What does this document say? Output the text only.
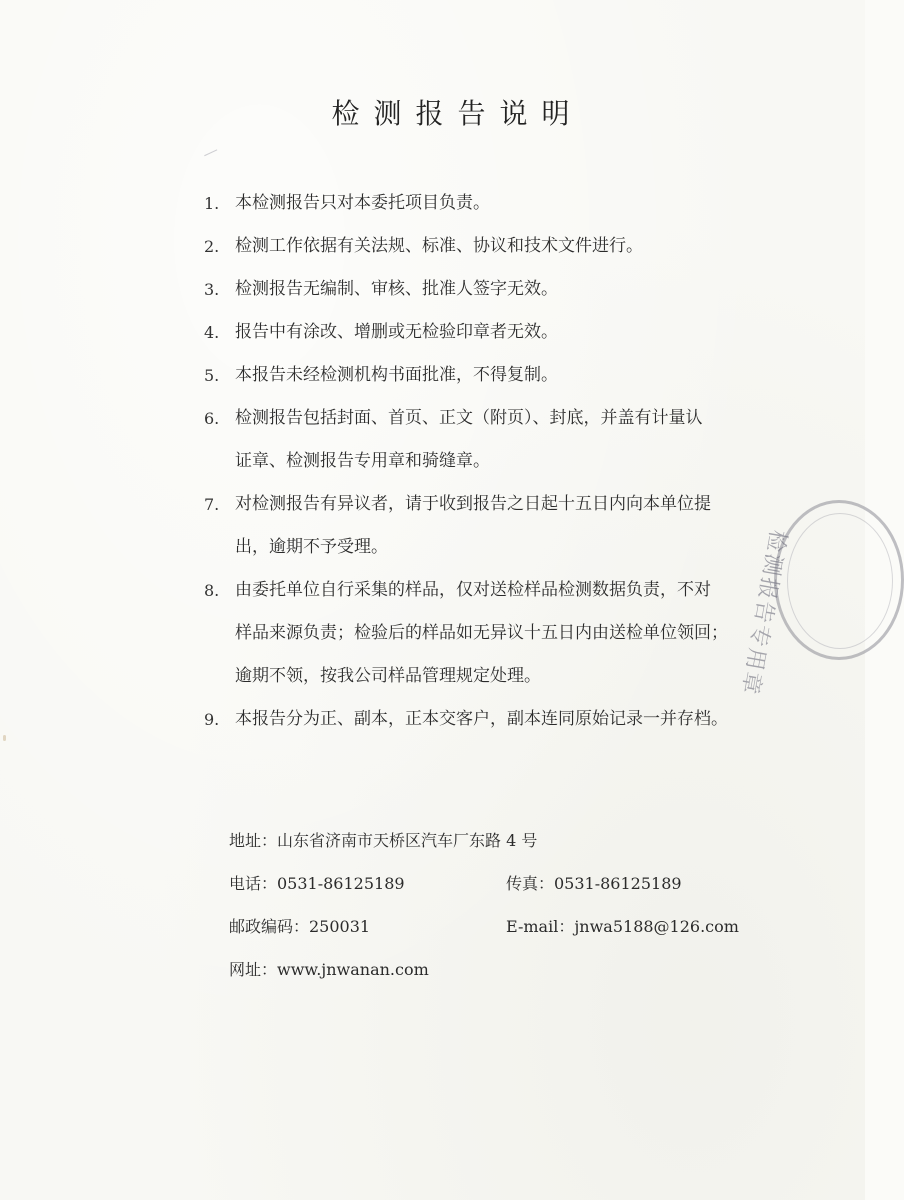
检测报告说明
1. 本检测报告只对本委托项目负责。
2. 检测工作依据有关法规、标准、协议和技术文件进行。
3. 检测报告无编制、审核、批准人签字无效。
4. 报告中有涂改、增删或无检验印章者无效。
5. 本报告未经检测机构书面批准，不得复制。
6. 检测报告包括封面、首页、正文（附页）、封底，并盖有计量认
证章、检测报告专用章和骑缝章。
7. 对检测报告有异议者，请于收到报告之日起十五日内向本单位提
出，逾期不予受理。
8. 由委托单位自行采集的样品，仅对送检样品检测数据负责，不对
样品来源负责；检验后的样品如无异议十五日内由送检单位领回；
逾期不领，按我公司样品管理规定处理。
9. 本报告分为正、副本，正本交客户，副本连同原始记录一并存档。
地址：山东省济南市天桥区汽车厂东路 4 号
电话：0531-86125189	传真：0531-86125189
邮政编码：250031	E-mail：jnwa5188@126.com
网址：www.jnwanan.com
检测报告专用章
